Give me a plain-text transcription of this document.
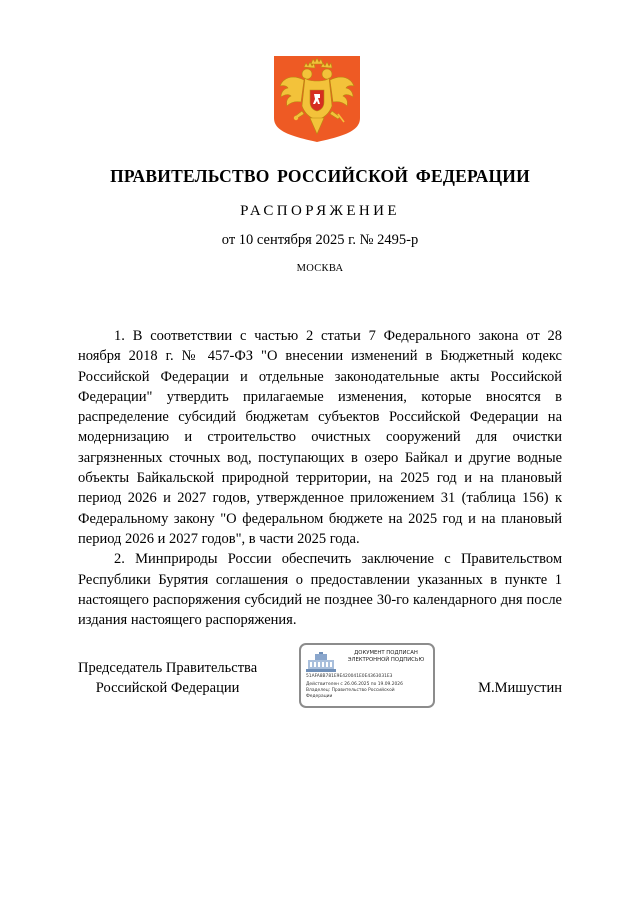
ПРАВИТЕЛЬСТВО РОССИЙСКОЙ ФЕДЕРАЦИИ
РАСПОРЯЖЕНИЕ
от 10 сентября 2025 г. № 2495-р
МОСКВА

1. В соответствии с частью 2 статьи 7 Федерального закона от 28 ноября 2018 г. № 457-ФЗ "О внесении изменений в Бюджетный кодекс Российской Федерации и отдельные законодательные акты Российской Федерации" утвердить прилагаемые изменения, которые вносятся в распределение субсидий бюджетам субъектов Российской Федерации на модернизацию и строительство очистных сооружений для очистки загрязненных сточных вод, поступающих в озеро Байкал и другие водные объекты Байкальской природной территории, на 2025 год и на плановый период 2026 и 2027 годов, утвержденное приложением 31 (таблица 156) к Федеральному закону "О федеральном бюджете на 2025 год и на плановый период 2026 и 2027 годов", в части 2025 года.

2. Минприроды России обеспечить заключение с Правительством Республики Бурятия соглашения о предоставлении указанных в пункте 1 настоящего распоряжения субсидий не позднее 30-го календарного дня после издания настоящего распоряжения.

Председатель Правительства
Российской Федерации
ДОКУМЕНТ ПОДПИСАН
ЭЛЕКТРОННОЙ ПОДПИСЬЮ
51AFA8B781E9E420041E0E4363031E3
Действителен с 26.06.2025 по 19.09.2026
Владелец: Правительство Российской
Федерации
М.Мишустин
